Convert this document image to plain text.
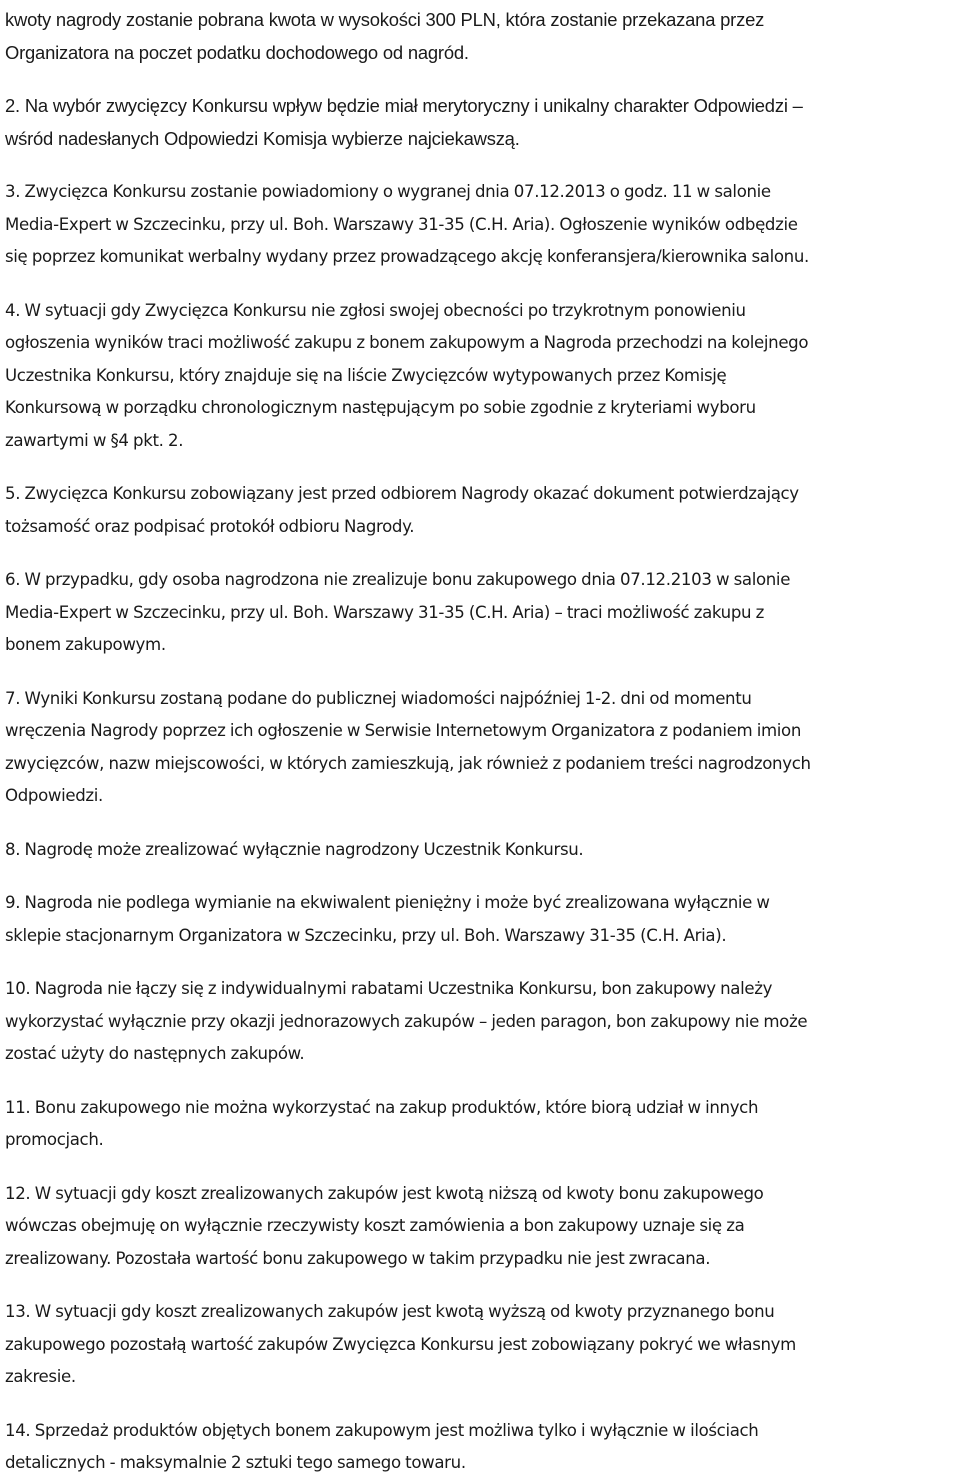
kwoty nagrody zostanie pobrana kwota w wysokości 300 PLN, która zostanie przekazana przez
Organizatora na poczet podatku dochodowego od nagród.
2. Na wybór zwycięzcy Konkursu wpływ będzie miał merytoryczny i unikalny charakter Odpowiedzi –
wśród nadesłanych Odpowiedzi Komisja wybierze najciekawszą.
3. Zwycięzca Konkursu zostanie powiadomiony o wygranej dnia 07.12.2013 o godz. 11 w salonie
Media-Expert w Szczecinku, przy ul. Boh. Warszawy 31-35 (C.H. Aria). Ogłoszenie wyników odbędzie
się poprzez komunikat werbalny wydany przez prowadzącego akcję konferansjera/kierownika salonu.
4. W sytuacji gdy Zwycięzca Konkursu nie zgłosi swojej obecności po trzykrotnym ponowieniu
ogłoszenia wyników traci możliwość zakupu z bonem zakupowym a Nagroda przechodzi na kolejnego
Uczestnika Konkursu, który znajduje się na liście Zwycięzców wytypowanych przez Komisję
Konkursową w porządku chronologicznym następującym po sobie zgodnie z kryteriami wyboru
zawartymi w §4 pkt. 2.
5. Zwycięzca Konkursu zobowiązany jest przed odbiorem Nagrody okazać dokument potwierdzający
tożsamość oraz podpisać protokół odbioru Nagrody.
6. W przypadku, gdy osoba nagrodzona nie zrealizuje bonu zakupowego dnia 07.12.2103 w salonie
Media-Expert w Szczecinku, przy ul. Boh. Warszawy 31-35 (C.H. Aria) – traci możliwość zakupu z
bonem zakupowym.
7. Wyniki Konkursu zostaną podane do publicznej wiadomości najpóźniej 1-2. dni od momentu
wręczenia Nagrody poprzez ich ogłoszenie w Serwisie Internetowym Organizatora z podaniem imion
zwycięzców, nazw miejscowości, w których zamieszkują, jak również z podaniem treści nagrodzonych
Odpowiedzi.
8. Nagrodę może zrealizować wyłącznie nagrodzony Uczestnik Konkursu.
9. Nagroda nie podlega wymianie na ekwiwalent pieniężny i może być zrealizowana wyłącznie w
sklepie stacjonarnym Organizatora w Szczecinku, przy ul. Boh. Warszawy 31-35 (C.H. Aria).
10. Nagroda nie łączy się z indywidualnymi rabatami Uczestnika Konkursu, bon zakupowy należy
wykorzystać wyłącznie przy okazji jednorazowych zakupów – jeden paragon, bon zakupowy nie może
zostać użyty do następnych zakupów.
11. Bonu zakupowego nie można wykorzystać na zakup produktów, które biorą udział w innych
promocjach.
12. W sytuacji gdy koszt zrealizowanych zakupów jest kwotą niższą od kwoty bonu zakupowego
wówczas obejmuję on wyłącznie rzeczywisty koszt zamówienia a bon zakupowy uznaje się za
zrealizowany. Pozostała wartość bonu zakupowego w takim przypadku nie jest zwracana.
13. W sytuacji gdy koszt zrealizowanych zakupów jest kwotą wyższą od kwoty przyznanego bonu
zakupowego pozostałą wartość zakupów Zwycięzca Konkursu jest zobowiązany pokryć we własnym
zakresie.
14. Sprzedaż produktów objętych bonem zakupowym jest możliwa tylko i wyłącznie w ilościach
detalicznych - maksymalnie 2 sztuki tego samego towaru.
